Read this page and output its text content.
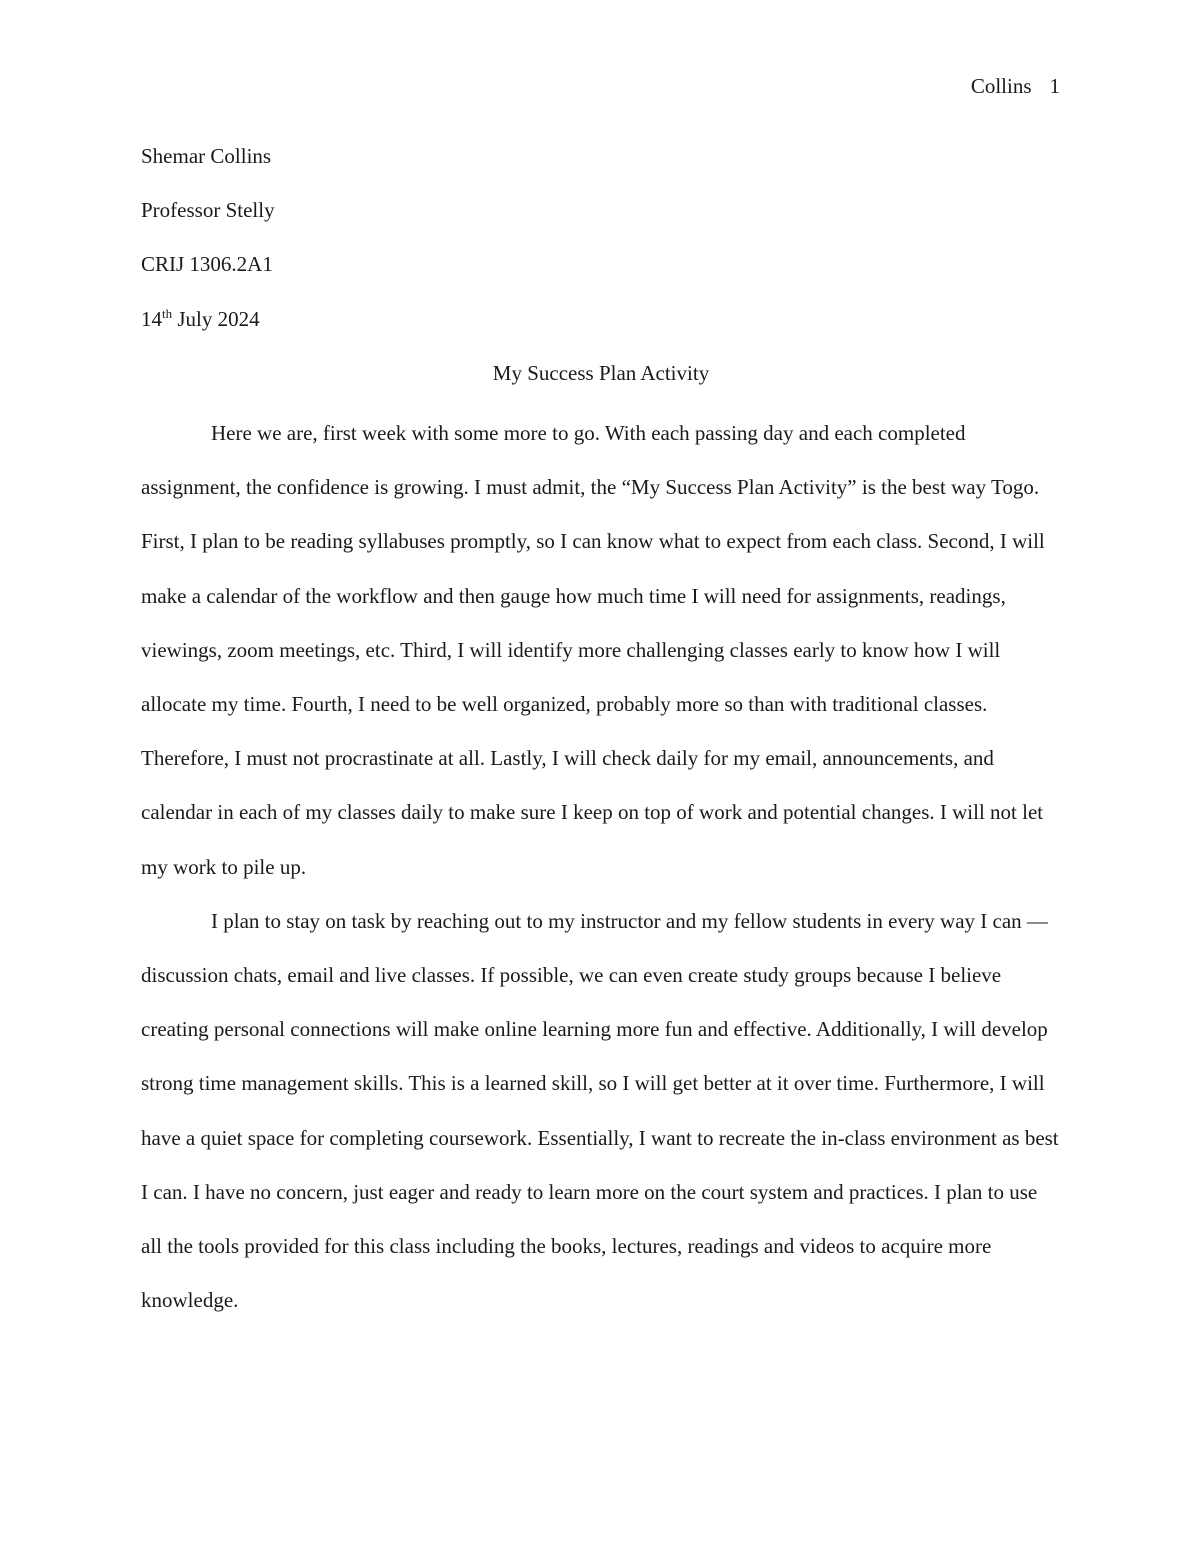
Collins 1
Shemar Collins
Professor Stelly
CRIJ 1306.2A1
14th July 2024
My Success Plan Activity

Here we are, first week with some more to go. With each passing day and each completed assignment, the confidence is growing. I must admit, the “My Success Plan Activity” is the best way Togo. First, I plan to be reading syllabuses promptly, so I can know what to expect from each class. Second, I will make a calendar of the workflow and then gauge how much time I will need for assignments, readings, viewings, zoom meetings, etc. Third, I will identify more challenging classes early to know how I will allocate my time. Fourth, I need to be well organized, probably more so than with traditional classes. Therefore, I must not procrastinate at all. Lastly, I will check daily for my email, announcements, and calendar in each of my classes daily to make sure I keep on top of work and potential changes. I will not let my work to pile up.

I plan to stay on task by reaching out to my instructor and my fellow students in every way I can — discussion chats, email and live classes. If possible, we can even create study groups because I believe creating personal connections will make online learning more fun and effective. Additionally, I will develop strong time management skills. This is a learned skill, so I will get better at it over time. Furthermore, I will have a quiet space for completing coursework. Essentially, I want to recreate the in-class environment as best I can. I have no concern, just eager and ready to learn more on the court system and practices. I plan to use all the tools provided for this class including the books, lectures, readings and videos to acquire more knowledge.
